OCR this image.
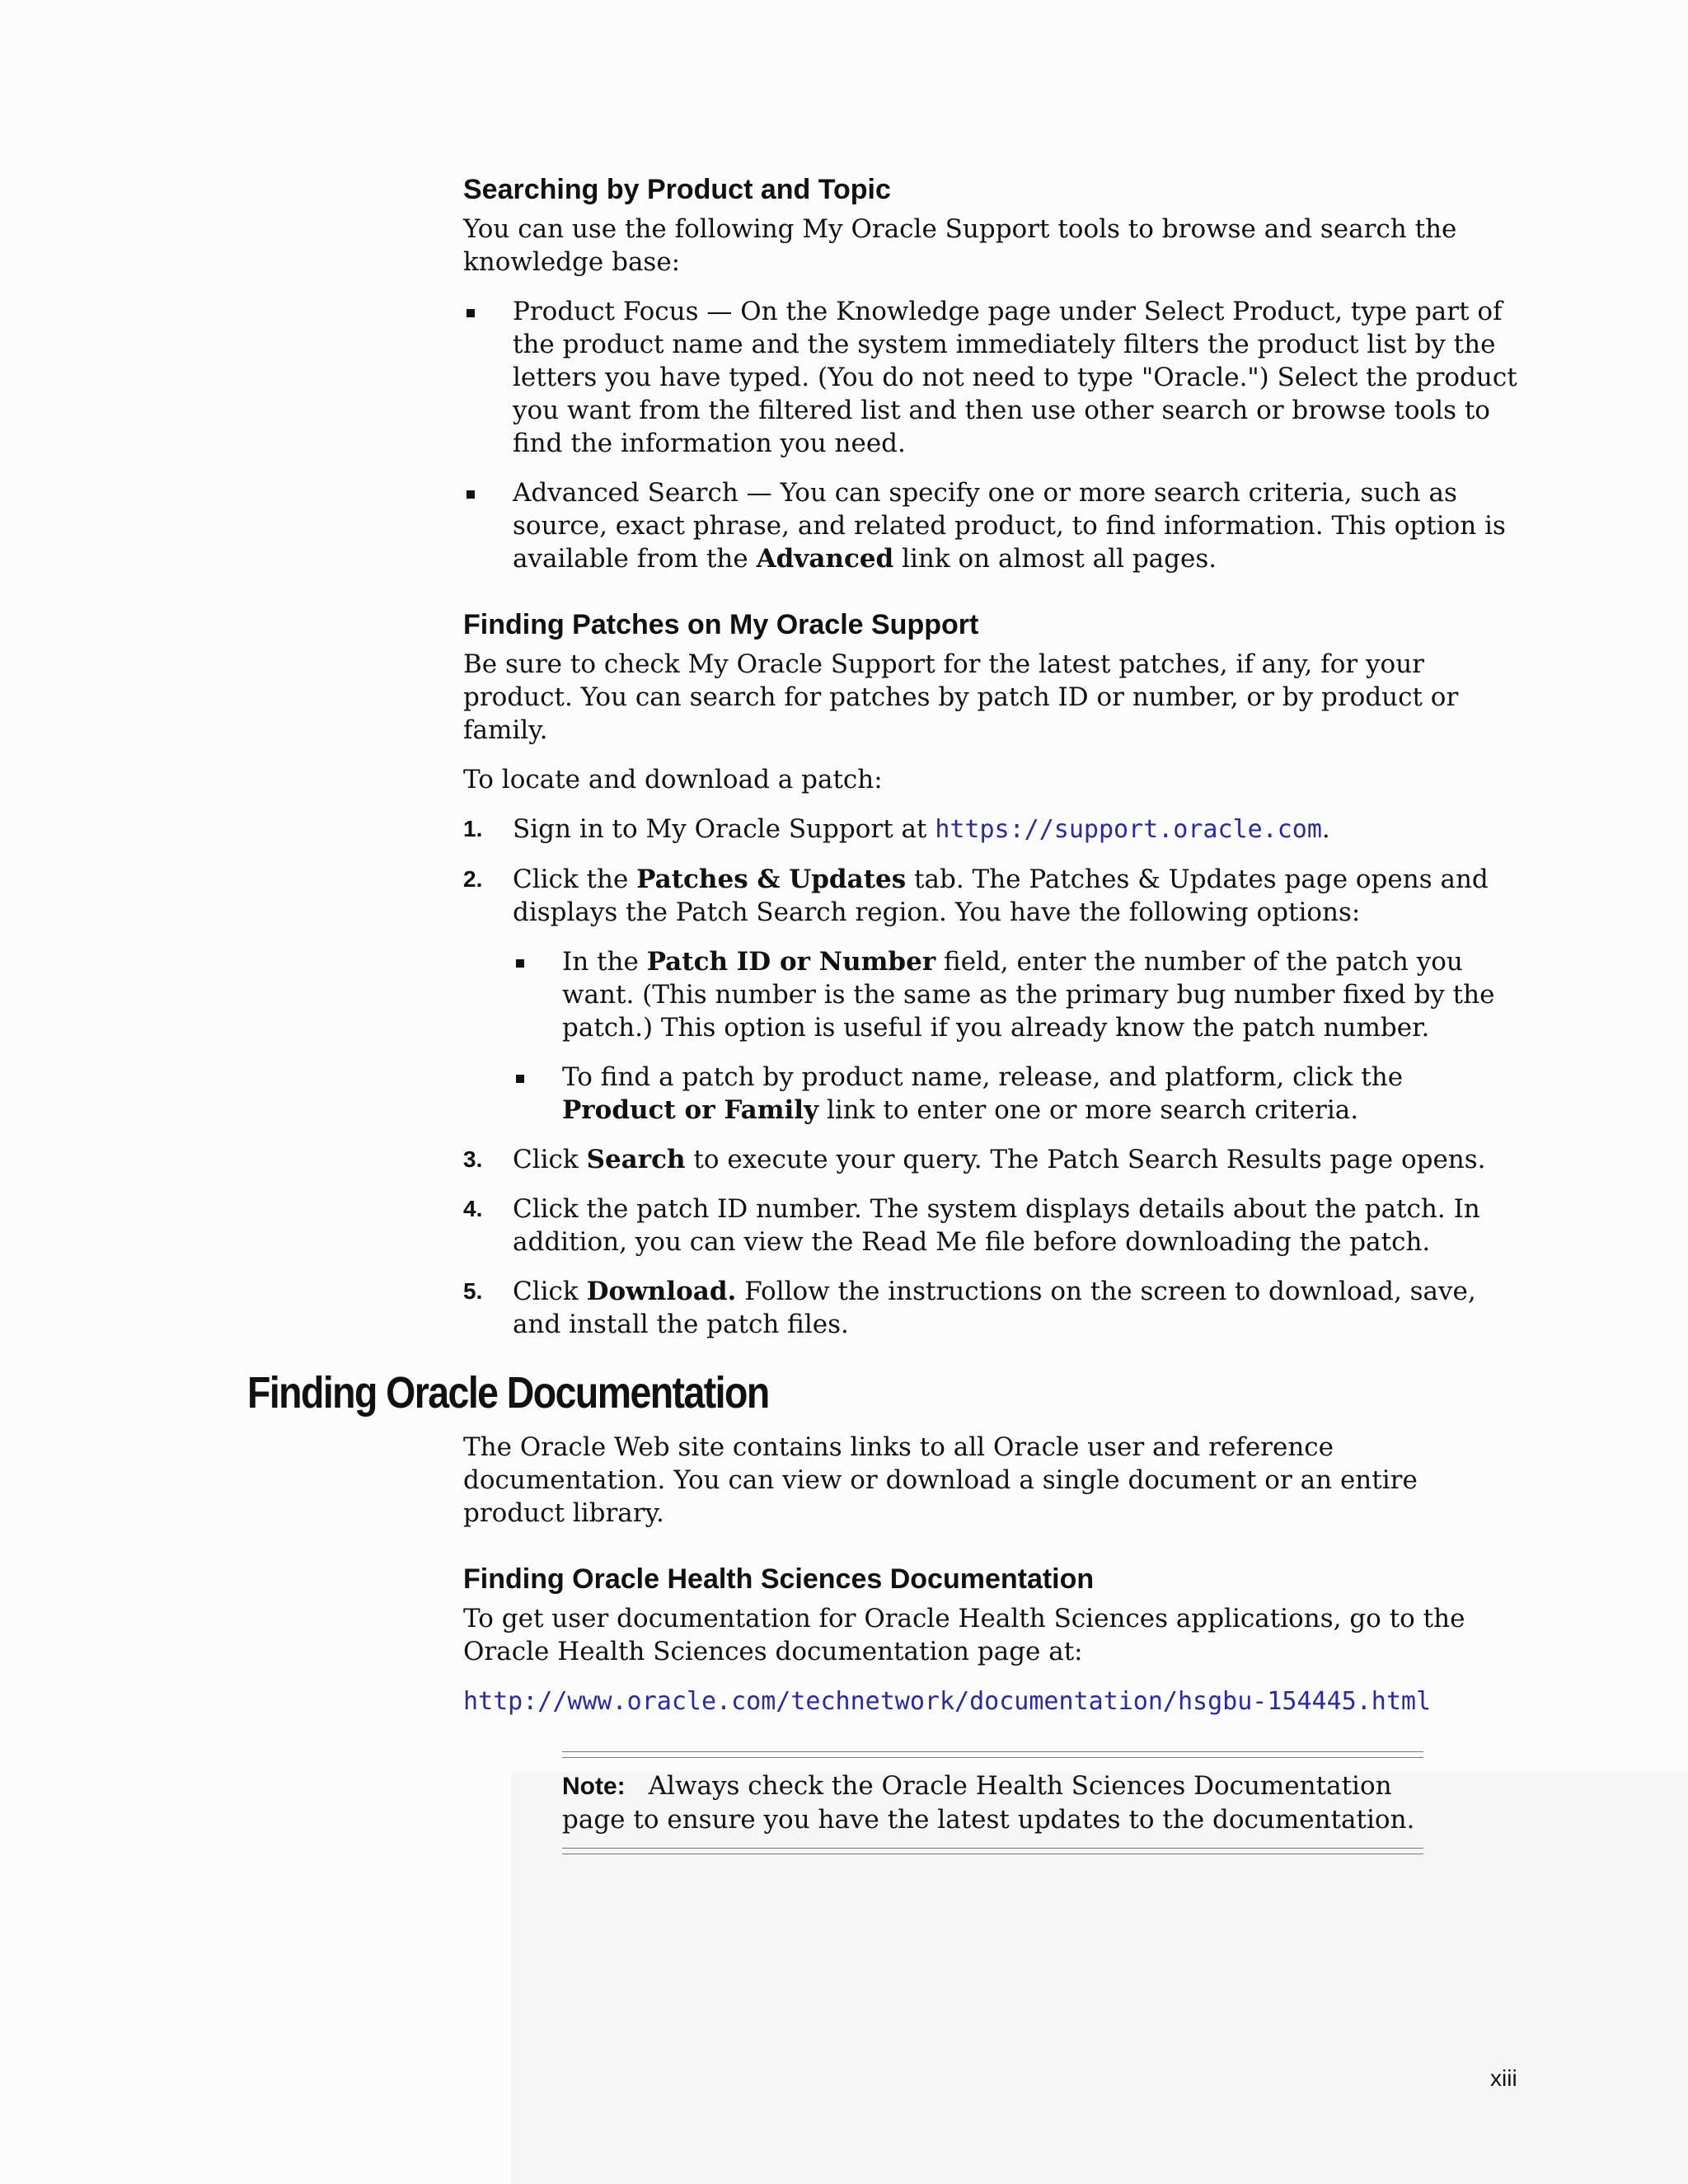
Searching by Product and Topic

You can use the following My Oracle Support tools to browse and search the knowledge base:

Product Focus — On the Knowledge page under Select Product, type part of the product name and the system immediately filters the product list by the letters you have typed. (You do not need to type "Oracle.") Select the product you want from the filtered list and then use other search or browse tools to find the information you need.
Advanced Search — You can specify one or more search criteria, such as source, exact phrase, and related product, to find information. This option is available from the Advanced link on almost all pages.
Finding Patches on My Oracle Support

Be sure to check My Oracle Support for the latest patches, if any, for your product. You can search for patches by patch ID or number, or by product or family.

To locate and download a patch:

1. Sign in to My Oracle Support at https://support.oracle.com.
2. Click the Patches & Updates tab. The Patches & Updates page opens and displays the Patch Search region. You have the following options:
In the Patch ID or Number field, enter the number of the patch you want. (This number is the same as the primary bug number fixed by the patch.) This option is useful if you already know the patch number.
To find a patch by product name, release, and platform, click the Product or Family link to enter one or more search criteria.
3. Click Search to execute your query. The Patch Search Results page opens.
4. Click the patch ID number. The system displays details about the patch. In addition, you can view the Read Me file before downloading the patch.
5. Click Download. Follow the instructions on the screen to download, save, and install the patch files.
Finding Oracle Documentation

The Oracle Web site contains links to all Oracle user and reference documentation. You can view or download a single document or an entire product library.

Finding Oracle Health Sciences Documentation

To get user documentation for Oracle Health Sciences applications, go to the Oracle Health Sciences documentation page at:

http://www.oracle.com/technetwork/documentation/hsgbu-154445.html

Note: Always check the Oracle Health Sciences Documentation page to ensure you have the latest updates to the documentation.
xiii
